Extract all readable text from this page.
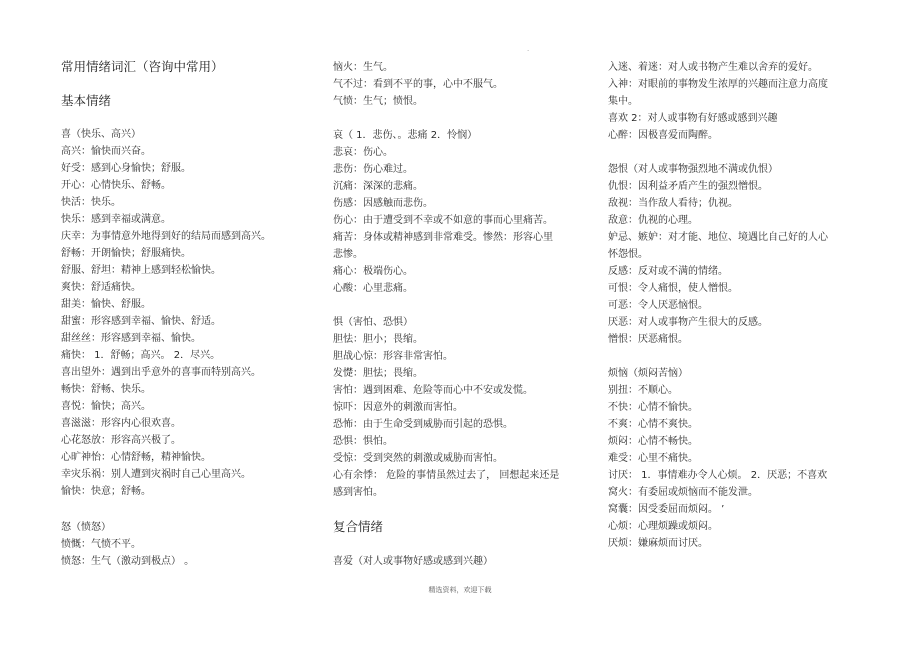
·
常用情绪词汇（咨询中常用）
基本情绪
喜（快乐、高兴）
高兴：愉快而兴奋。
好受：感到心身愉快；舒服。
开心：心情快乐、舒畅。
快活：快乐。
快乐：感到幸福或满意。
庆幸：为事情意外地得到好的结局而感到高兴。
舒畅：开朗愉快；舒服痛快。
舒服、舒坦：精神上感到轻松愉快。
爽快：舒适痛快。
甜美：愉快、舒服。
甜蜜：形容感到幸福、愉快、舒适。
甜丝丝：形容感到幸福、愉快。
痛快： 1．舒畅；高兴。 2．尽兴。
喜出望外：遇到出乎意外的喜事而特别高兴。
畅快：舒畅、快乐。
喜悦：愉快；高兴。
喜滋滋：形容内心很欢喜。
心花怒放：形容高兴极了。
心旷神怡：心情舒畅，精神愉快。
幸灾乐祸：别人遭到灾祸时自己心里高兴。
愉快：快意；舒畅。
怒（愤怒）
愤慨：气愤不平。
愤怒：生气（激动到极点） 。
恼火：生气。
气不过：看到不平的事，心中不服气。
气愤：生气；愤恨。
哀（ 1．悲伤、。悲痛 2．怜悯）
悲哀：伤心。
悲伤：伤心难过。
沉痛：深深的悲痛。
伤感：因感触而悲伤。
伤心：由于遭受到不幸或不如意的事而心里痛苦。
痛苦：身体或精神感到非常难受。惨然：形容心里
悲惨。
痛心：极端伤心。
心酸：心里悲痛。
惧（害怕、恐惧）
胆怯：胆小；畏缩。
胆战心惊：形容非常害怕。
发憷：胆怯；畏缩。
害怕：遇到困难、危险等而心中不安或发慌。
惊吓：因意外的刺激而害怕。
恐怖：由于生命受到威胁而引起的恐惧。
恐惧：惧怕。
受惊：受到突然的刺激或威胁而害怕。
心有余悸： 危险的事情虽然过去了， 回想起来还是
感到害怕。
复合情绪
喜爱（对人或事物好感或感到兴趣）
入迷、着迷：对人或书物产生难以舍弃的爱好。
入神：对眼前的事物发生浓厚的兴趣而注意力高度
集中。
喜欢 2：对人或事物有好感或感到兴趣
心醉：因极喜爱而陶醉。
怨恨（对人或事物强烈地不满或仇恨）
仇恨：因利益矛盾产生的强烈憎恨。
敌视：当作敌人看待；仇视。
敌意：仇视的心理。
妒忌、嫉妒：对才能、地位、境遇比自己好的人心
怀怨恨。
反感：反对或不满的情绪。
可恨：令人痛恨，使人憎恨。
可恶：令人厌恶恼恨。
厌恶：对人或事物产生很大的反感。
憎恨：厌恶痛恨。
烦恼（烦闷苦恼）
别扭：不顺心。
不快：心情不愉快。
不爽：心情不爽快。
烦闷：心情不畅快。
难受：心里不痛快。
讨厌： 1．事情难办令人心烦。 2．厌恶；不喜欢
窝火：有委屈或烦恼而不能发泄。
窝囊：因受委屈而烦闷。 ’
心烦：心理烦躁或烦闷。
厌烦：嫌麻烦而讨厌。
精选资料，欢迎下载
